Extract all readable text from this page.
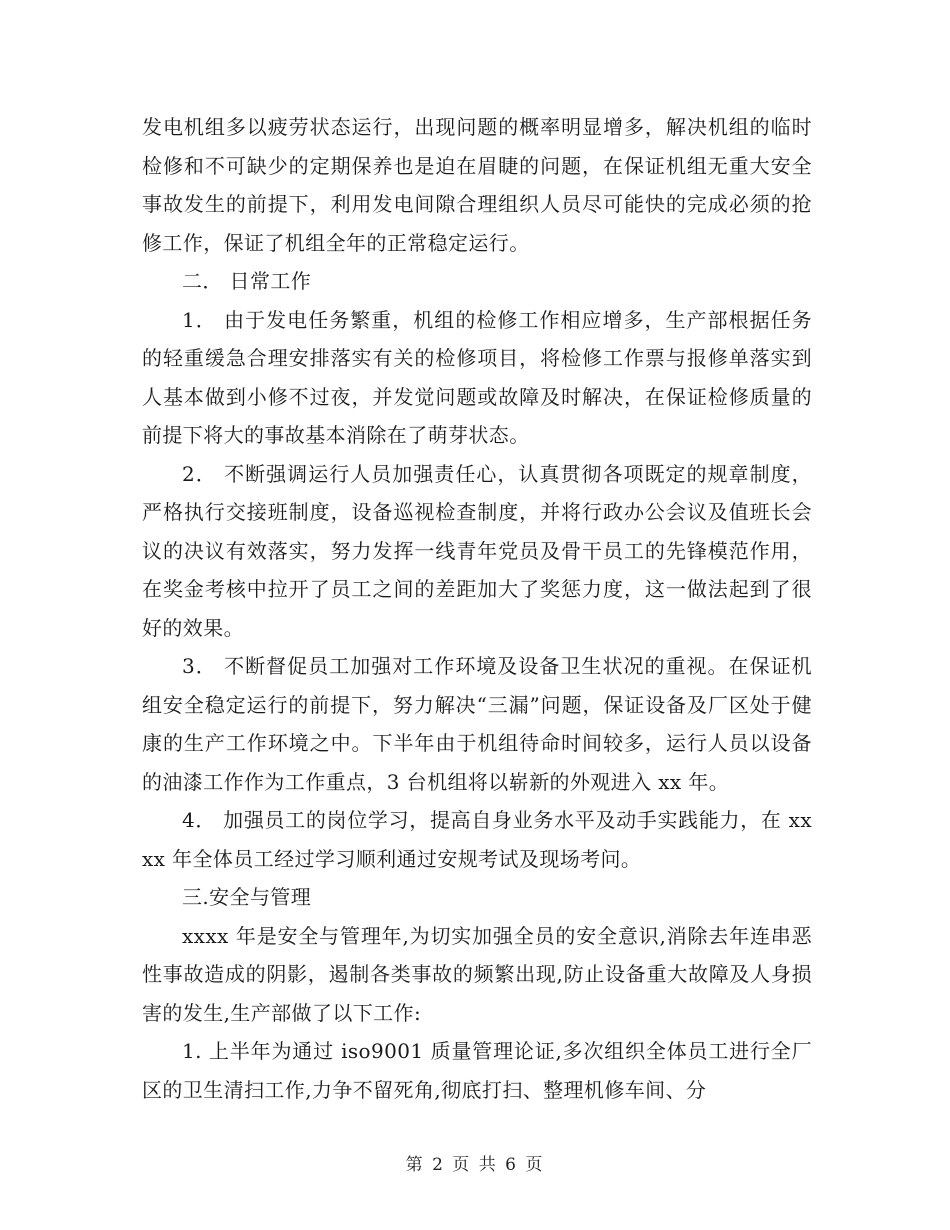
发电机组多以疲劳状态运行，出现问题的概率明显增多，解决机组的临时检修和不可缺少的定期保养也是迫在眉睫的问题，在保证机组无重大安全事故发生的前提下，利用发电间隙合理组织人员尽可能快的完成必须的抢修工作，保证了机组全年的正常稳定运行。

二． 日常工作

1． 由于发电任务繁重，机组的检修工作相应增多，生产部根据任务的轻重缓急合理安排落实有关的检修项目，将检修工作票与报修单落实到人基本做到小修不过夜，并发觉问题或故障及时解决，在保证检修质量的前提下将大的事故基本消除在了萌芽状态。

2． 不断强调运行人员加强责任心，认真贯彻各项既定的规章制度，严格执行交接班制度，设备巡视检查制度，并将行政办公会议及值班长会议的决议有效落实，努力发挥一线青年党员及骨干员工的先锋模范作用，在奖金考核中拉开了员工之间的差距加大了奖惩力度，这一做法起到了很好的效果。

3． 不断督促员工加强对工作环境及设备卫生状况的重视。在保证机组安全稳定运行的前提下，努力解决“三漏”问题，保证设备及厂区处于健康的生产工作环境之中。下半年由于机组待命时间较多，运行人员以设备的油漆工作作为工作重点，3 台机组将以崭新的外观进入 xx 年。

4． 加强员工的岗位学习，提高自身业务水平及动手实践能力，在 xxxx 年全体员工经过学习顺利通过安规考试及现场考问。

三.安全与管理

xxxx 年是安全与管理年,为切实加强全员的安全意识,消除去年连串恶性事故造成的阴影，遏制各类事故的频繁出现,防止设备重大故障及人身损害的发生,生产部做了以下工作:

1. 上半年为通过 iso9001 质量管理论证,多次组织全体员工进行全厂区的卫生清扫工作,力争不留死角,彻底打扫、整理机修车间、分

第 2 页 共 6 页
